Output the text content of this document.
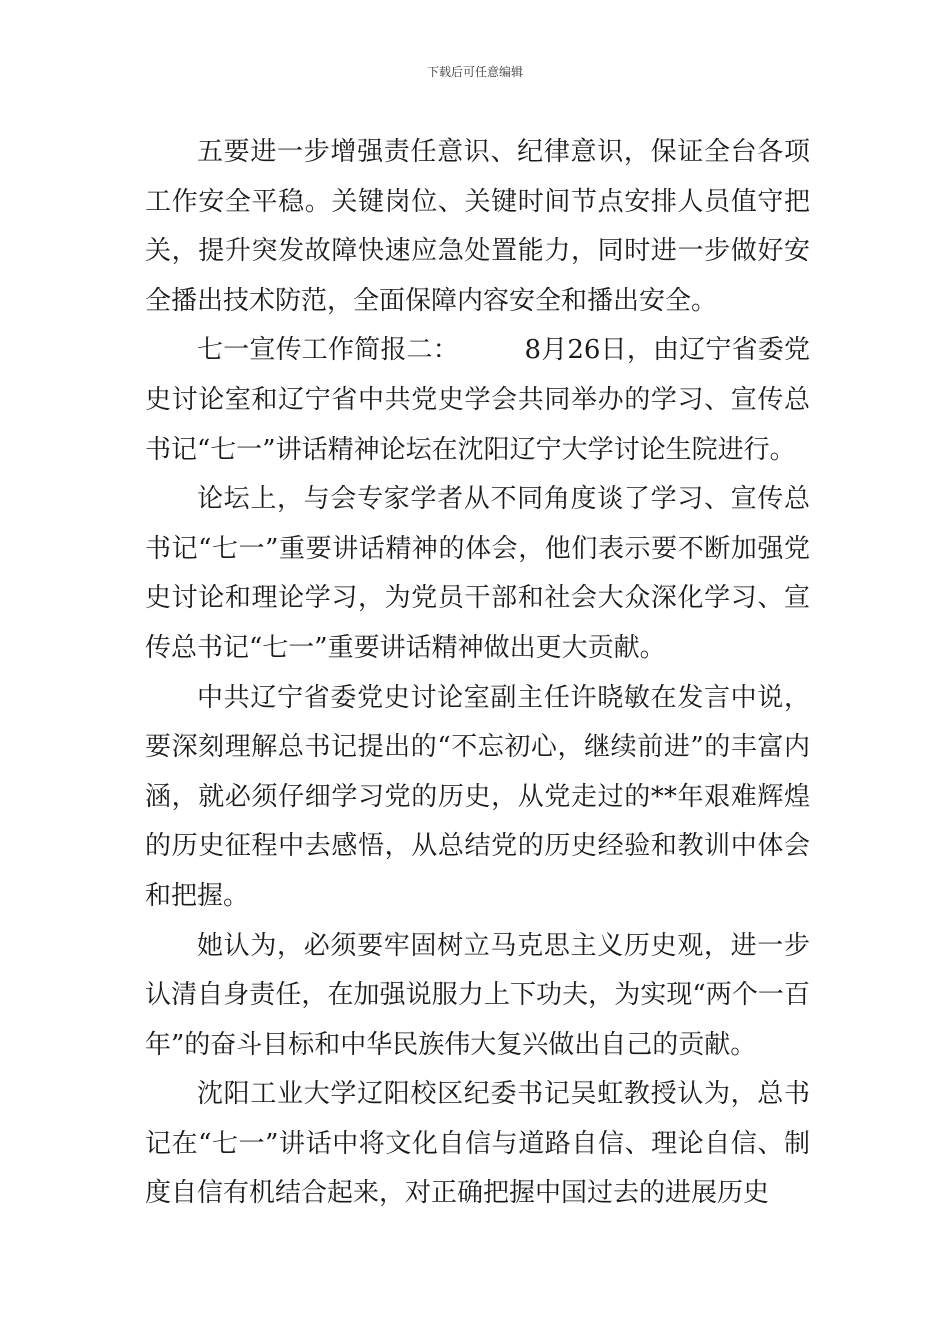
下载后可任意编辑

五要进一步增强责任意识、纪律意识，保证全台各项工作安全平稳。关键岗位、关键时间节点安排人员值守把关，提升突发故障快速应急处置能力，同时进一步做好安全播出技术防范，全面保障内容安全和播出安全。

七一宣传工作简报二：　　　8月26日，由辽宁省委党史讨论室和辽宁省中共党史学会共同举办的学习、宣传总书记“七一”讲话精神论坛在沈阳辽宁大学讨论生院进行。

论坛上，与会专家学者从不同角度谈了学习、宣传总书记“七一”重要讲话精神的体会，他们表示要不断加强党史讨论和理论学习，为党员干部和社会大众深化学习、宣传总书记“七一”重要讲话精神做出更大贡献。

中共辽宁省委党史讨论室副主任许晓敏在发言中说，要深刻理解总书记提出的“不忘初心，继续前进”的丰富内涵，就必须仔细学习党的历史，从党走过的**年艰难辉煌的历史征程中去感悟，从总结党的历史经验和教训中体会和把握。

她认为，必须要牢固树立马克思主义历史观，进一步认清自身责任，在加强说服力上下功夫，为实现“两个一百年”的奋斗目标和中华民族伟大复兴做出自己的贡献。

沈阳工业大学辽阳校区纪委书记吴虹教授认为，总书记在“七一”讲话中将文化自信与道路自信、理论自信、制度自信有机结合起来，对正确把握中国过去的进展历史
